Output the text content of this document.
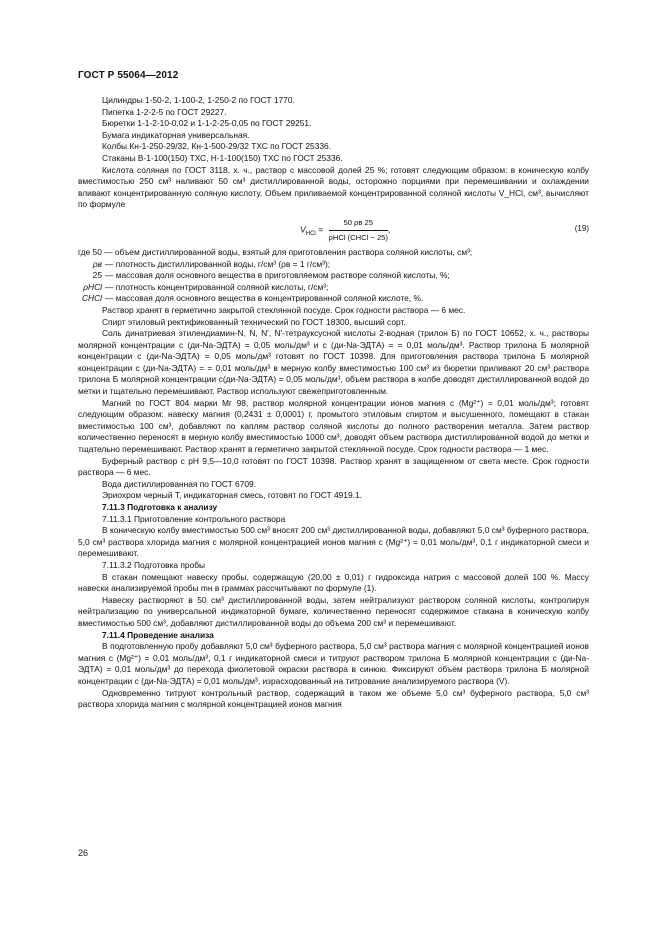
ГОСТ Р 55064—2012

Цилиндры 1-50-2, 1-100-2, 1-250-2 по ГОСТ 1770.

Пипетка 1-2-2-5 по ГОСТ 29227.

Бюретки 1-1-2-10-0,02 и 1-1-2-25-0,05 по ГОСТ 29251.

Бумага индикаторная универсальная.

Колбы Кн-1-250-29/32, Кн-1-500-29/32 ТХС по ГОСТ 25336.

Стаканы В-1-100(150) ТХС, Н-1-100(150) ТХС по ГОСТ 25336.

Кислота соляная по ГОСТ 3118, х. ч., раствор с массовой долей 25 %; готовят следующим образом: в коническую колбу вместимостью 250 см³ наливают 50 см³ дистиллированной воды, осторожно порциями при перемешивании и охлаждении вливают концентрированную соляную кислоту. Объем приливаемой концентрированной соляной кислоты V_HCl, см³, вычисляют по формуле

$V_{HCl} = \frac{50 \rho в 25}{\text{ρHCl (CHCl − 25)}}$ ,	(19)

где 50 — объем дистиллированной воды, взятый для приготовления раствора соляной кислоты, см³;

ρв — плотность дистиллированной воды, г/см³ (ρв = 1 г/см³);

25 — массовая доля основного вещества в приготовляемом растворе соляной кислоты, %;

ρHCl — плотность концентрированной соляной кислоты, г/см³;

CHCl — массовая доля основного вещества в концентрированной соляной кислоте, %.

Раствор хранят в герметично закрытой стеклянной посуде. Срок годности раствора — 6 мес.

Спирт этиловый ректификованный технический по ГОСТ 18300, высший сорт.

Соль динатриевая этилендиамин-N, N, N', N'-тетрауксусной кислоты 2-водная (трилон Б) по ГОСТ 10652, х. ч., растворы молярной концентрации с (ди-Na-ЭДТА) = 0,05 моль/дм³ и с (ди-Na-ЭДТА) = = 0,01 моль/дм³. Раствор трилона Б молярной концентрации с (ди-Na-ЭДТА) = 0,05 моль/дм³ готовят по ГОСТ 10398. Для приготовления раствора трилона Б молярной концентрации с (ди-Na-ЭДТА) = = 0,01 моль/дм³ в мерную колбу вместимостью 100 см³ из бюретки приливают 20 см³ раствора трилона Б молярной концентрации с(ди-Na-ЭДТА) = 0,05 моль/дм³, объем раствора в колбе доводят дистиллированной водой до метки и тщательно перемешивают. Раствор используют свежеприготовленным.

Магний по ГОСТ 804 марки Мг 98, раствор молярной концентрации ионов магния с (Mg²⁺) = 0,01 моль/дм³; готовят следующим образом: навеску магния (0,2431 ± 0,0001) г, промытого этиловым спиртом и высушенного, помещают в стакан вместимостью 100 см³, добавляют по каплям раствор соляной кислоты до полного растворения металла. Затем раствор количественно переносят в мерную колбу вместимостью 1000 см³, доводят объем раствора дистиллированной водой до метки и тщательно перемешивают. Раствор хранят в герметично закрытой стеклянной посуде. Срок годности раствора — 1 мес.

Буферный раствор с рН 9,5—10,0 готовят по ГОСТ 10398. Раствор хранят в защищенном от света месте. Срок годности раствора — 6 мес.

Вода дистиллированная по ГОСТ 6709.

Эриохром черный Т, индикаторная смесь, готовят по ГОСТ 4919.1.

7.11.3 Подготовка к анализу

7.11.3.1 Приготовление контрольного раствора

В коническую колбу вместимостью 500 см³ вносят 200 см³ дистиллированной воды, добавляют 5,0 см³ буферного раствора, 5,0 см³ раствора хлорида магния с молярной концентрацией ионов магния с (Mg²⁺) = 0,01 моль/дм³, 0,1 г индикаторной смеси и перемешивают.

7.11.3.2 Подготовка пробы

В стакан помещают навеску пробы, содержащую (20,00 ± 0,01) г гидроксида натрия с массовой долей 100 %. Массу навески анализируемой пробы mн в граммах рассчитывают по формуле (1).

Навеску растворяют в 50 см³ дистиллированной воды, затем нейтрализуют раствором соляной кислоты, контролируя нейтрализацию по универсальной индикаторной бумаге, количественно переносят содержимое стакана в коническую колбу вместимостью 500 см³, добавляют дистиллированной воды до объема 200 см³ и перемешивают.

7.11.4 Проведение анализа

В подготовленную пробу добавляют 5,0 см³ буферного раствора, 5,0 см³ раствора магния с молярной концентрацией ионов магния с (Mg²⁺) = 0,01 моль/дм³, 0,1 г индикаторной смеси и титруют раствором трилона Б молярной концентрации с (ди-Na-ЭДТА) = 0,01 моль/дм³ до перехода фиолетовой окраски раствора в синюю. Фиксируют объем раствора трилона Б молярной концентрации с (ди-Na-ЭДТА) = 0,01 моль/дм³, израсходованный на титрование анализируемого раствора (V).

Одновременно титруют контрольный раствор, содержащий в таком же объеме 5,0 см³ буферного раствора, 5,0 см³ раствора хлорида магния с молярной концентрацией ионов магния

26
